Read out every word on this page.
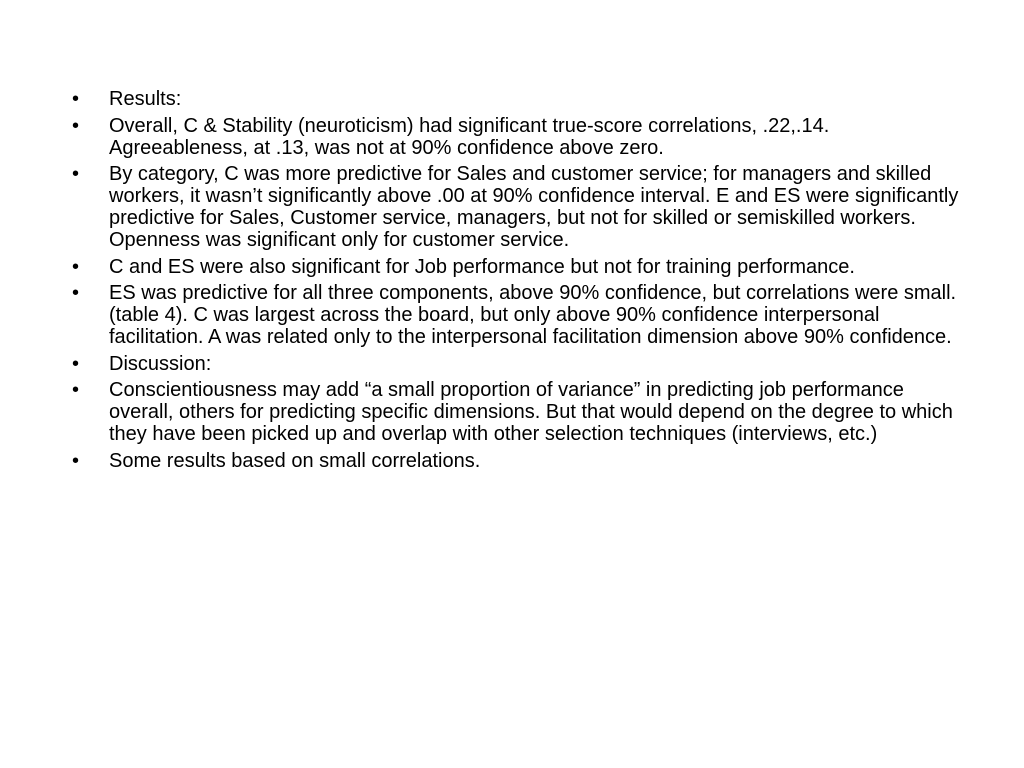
• Results:
• Overall, C & Stability (neuroticism) had significant true-score correlations, .22,.14. Agreeableness, at .13, was not at 90% confidence above zero.
• By category, C was more predictive for Sales and customer service; for managers and skilled workers, it wasn’t significantly above .00 at 90% confidence interval. E and ES were significantly predictive for Sales, Customer service, managers, but not for skilled or semiskilled workers. Openness was significant only for customer service.
• C and ES were also significant for Job performance but not for training performance.
• ES was predictive for all three components, above 90% confidence, but correlations were small. (table 4). C was largest across the board, but only above 90% confidence interpersonal facilitation. A was related only to the interpersonal facilitation dimension above 90% confidence.
• Discussion:
• Conscientiousness may add “a small proportion of variance” in predicting job performance overall, others for predicting specific dimensions. But that would depend on the degree to which they have been picked up and overlap with other selection techniques (interviews, etc.)
• Some results based on small correlations.
